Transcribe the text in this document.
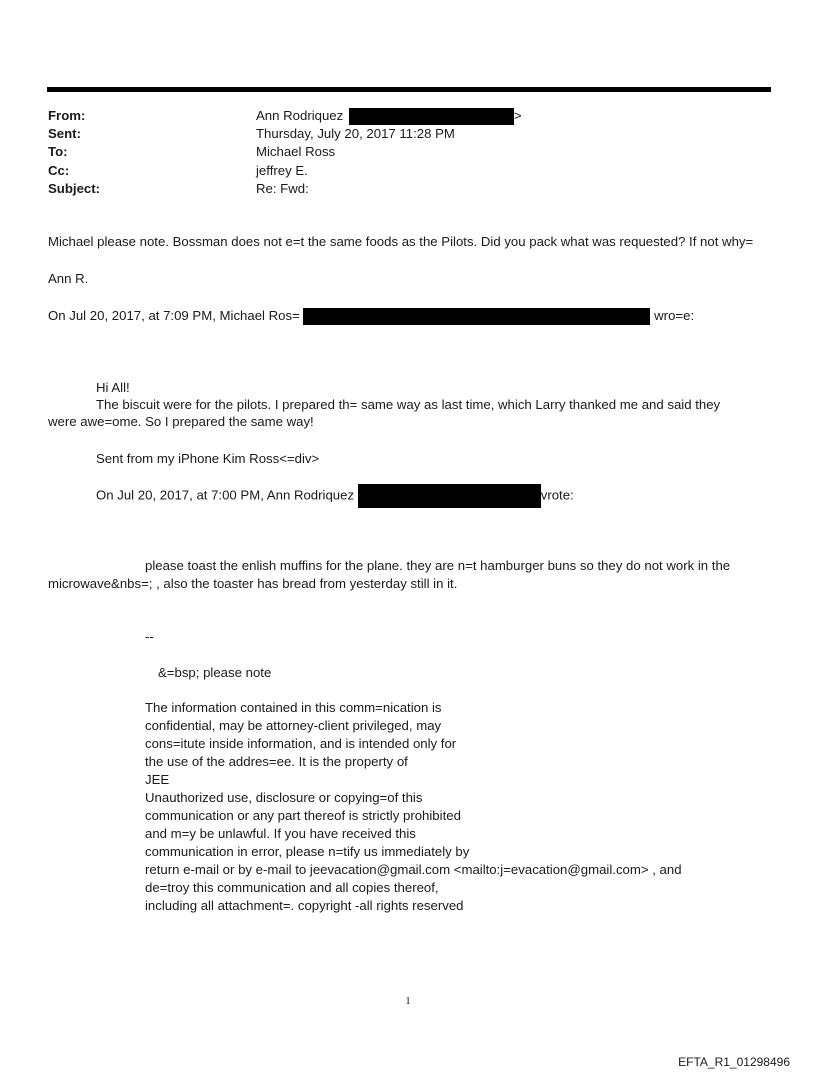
From:	Ann Rodriquez	>
Sent:	Thursday, July 20, 2017 11:28 PM
To:	Michael Ross
Cc:	jeffrey E.
Subject:	Re: Fwd:
Michael please note. Bossman does not e=t the same foods as the Pilots. Did you pack what was requested? If not why=
Ann R.
On Jul 20, 2017, at 7:09 PM, Michael Ros=	wro=e:
Hi All!
The biscuit were for the pilots. I prepared th= same way as last time, which Larry thanked me and said they
were awe=ome. So I prepared the same way!
Sent from my iPhone Kim Ross<=div>
On Jul 20, 2017, at 7:00 PM, Ann Rodriquez	vrote:
please toast the enlish muffins for the plane. they are n=t hamburger buns so they do not work in the
microwave&nbs=; , also the toaster has bread from yesterday still in it.
--
&=bsp; please note
The information contained in this comm=nication is
confidential, may be attorney-client privileged, may
cons=itute inside information, and is intended only for
the use of the addres=ee. It is the property of
JEE
Unauthorized use, disclosure or copying=of this
communication or any part thereof is strictly prohibited
and m=y be unlawful. If you have received this
communication in error, please n=tify us immediately by
return e-mail or by e-mail to jeevacation@gmail.com <mailto:j=evacation@gmail.com> , and
de=troy this communication and all copies thereof,
including all attachment=. copyright -all rights reserved
1
EFTA_R1_01298496
